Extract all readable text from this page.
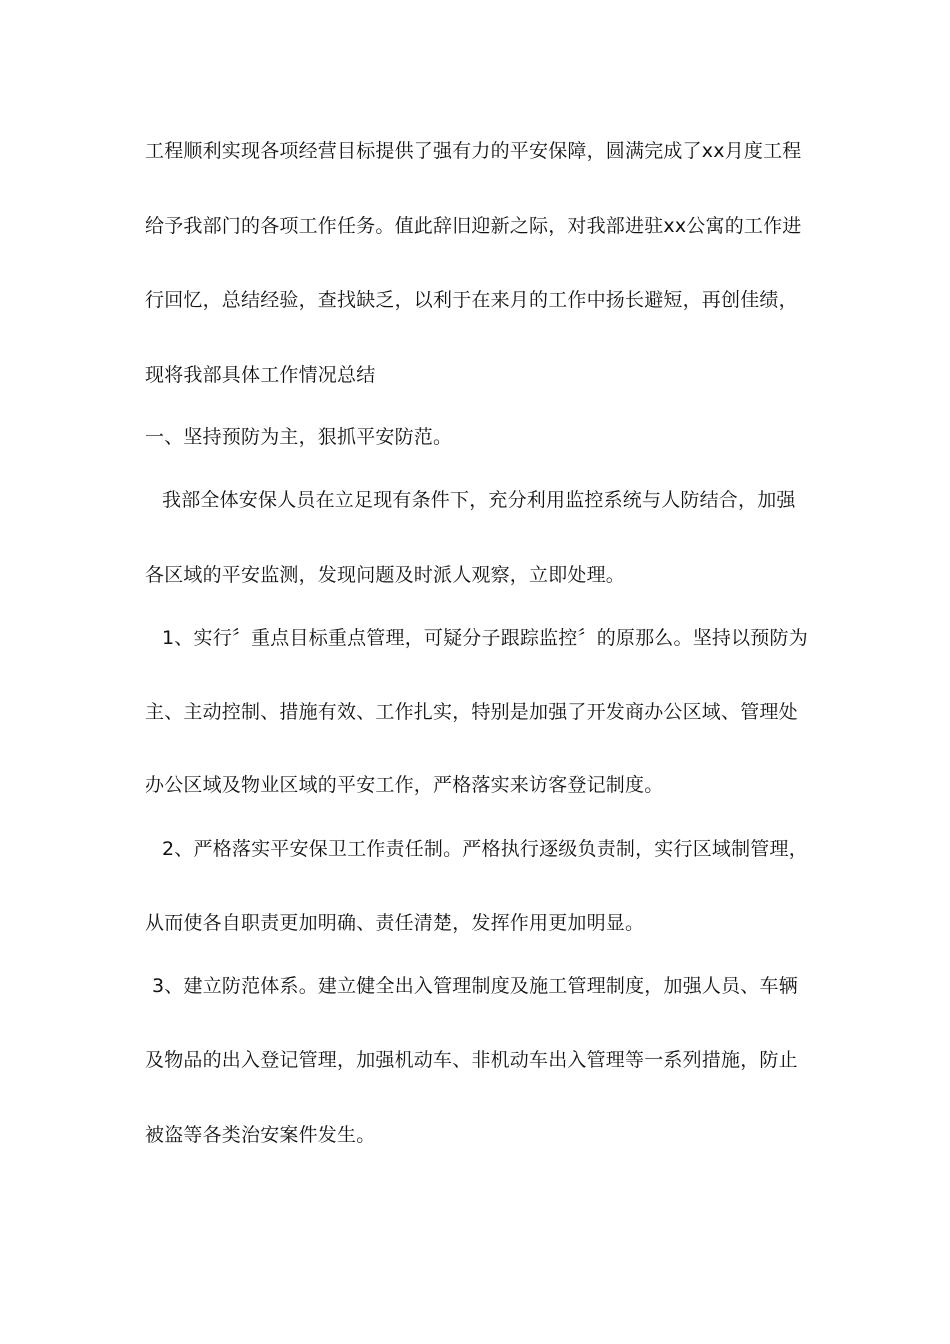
工程顺利实现各项经营目标提供了强有力的平安保障，圆满完成了xx月度工程
给予我部门的各项工作任务。值此辞旧迎新之际，对我部进驻xx公寓的工作进
行回忆，总结经验，查找缺乏，以利于在来月的工作中扬长避短，再创佳绩，
现将我部具体工作情况总结
一、坚持预防为主，狠抓平安防范。
我部全体安保人员在立足现有条件下，充分利用监控系统与人防结合，加强
各区域的平安监测，发现问题及时派人观察，立即处理。
1、实行〞重点目标重点管理，可疑分子跟踪监控〞的原那么。坚持以预防为
主、主动控制、措施有效、工作扎实，特别是加强了开发商办公区域、管理处
办公区域及物业区域的平安工作，严格落实来访客登记制度。
2、严格落实平安保卫工作责任制。严格执行逐级负责制，实行区域制管理，
从而使各自职责更加明确、责任清楚，发挥作用更加明显。
3、建立防范体系。建立健全出入管理制度及施工管理制度，加强人员、车辆
及物品的出入登记管理，加强机动车、非机动车出入管理等一系列措施，防止
被盗等各类治安案件发生。
